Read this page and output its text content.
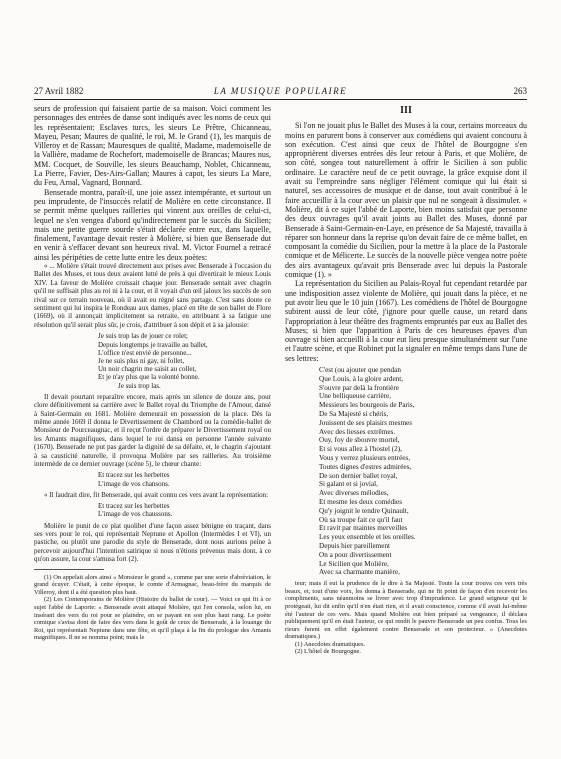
27 Avril 1882	LA MUSIQUE POPULAIRE	263

seurs de profession qui faisaient partie de sa maison. Voici comment les personnages des entrées de danse sont indiqués avec les noms de ceux qui les représentaient: Esclaves turcs, les sieurs Le Prêtre, Chicanneau, Mayeu, Pesan; Maures de qualité, le roi, M. le Grand (1), les marquis de Villeroy et de Rassan; Mauresques de qualité, Madame, mademoiselle de la Vallière, madame de Rochefort, mademoiselle de Brancas; Maures nus, MM. Cocquet, de Souville, les sieurs Beauchamp, Noblet, Chicanneau, La Pierre, Favier, Des-Airs-Gallan; Maures à capot, les sieurs La Mare, du Feu, Arnal, Vagnard, Bonnard.

Benserade montra, paraît-il, une joie assez intempérante, et surtout un peu imprudente, de l'insuccès relatif de Molière en cette circonstance. Il se permit même quelques railleries qui vinrent aux oreilles de celui-ci, lequel ne s'en vengea d'abord qu'indirectement par le succès du Sicilien; mais une petite guerre sourde s'était déclarée entre eux, dans laquelle, finalement, l'avantage devait rester à Molière, si bien que Benserade dut en venir à s'effacer devant son heureux rival. M. Victor Fournel a retracé ainsi les péripéties de cette lutte entre les deux poètes:

« ... Molière s'était trouvé directement aux prises avec Benserade à l'occasion du Ballet des Muses, et tous deux avaient lutté de près à qui divertirait le mieux Louis XIV. La faveur de Molière croissait chaque jour. Benserade sentait avec chagrin qu'il ne suffisait plus au roi ni à la cour, et il voyait d'un œil jaloux les succès de son rival sur ce terrain nouveau, où il avait eu régné sans partage. C'est sans doute ce sentiment qui lui inspira le Rondeau aux dames, placé en tête de son ballet de Flore (1669), où il annonçait implicitement sa retraite, en attribuant à sa fatigue une résolution qu'il serait plus sûr, je crois, d'attribuer à son dépit et à sa jalousie:

Je suis trop las de jouer ce rolet;
Depuis longtemps je travaille au ballet,
L'office n'est envié de personne...
Je ne suis plus ni gay, ni follet,
Un noir chagrin me saisit au collet,
Et je n'ay plus que la volonté bonne.
Je suis trop las.

Il devait pourtant reparaître encore, mais après un silence de douze ans, pour clore définitivement sa carrière avec le Ballet royal du Triomphe de l'Amour, dansé à Saint-Germain en 1681. Molière demeurait en possession de la place. Dès la même année 1669 il donna le Divertissement de Chambord ou la comédie-ballet de Monsieur de Pourceaugnac, et il reçut l'ordre de préparer le Divertissement royal ou les Amants magnifiques, dans lequel le roi dansa en personne l'année suivante (1670). Benserade ne put pas garder la dignité de sa défaite, et, le chagrin s'ajoutant à sa causticité naturelle, il provoqua Molière par ses railleries. Au troisième intermède de ce dernier ouvrage (scène 5), le chœur chante:

Et tracez sur les herbettes
L'image de vos chansons.

« Il faudrait dire, fit Benserade, qui avait connu ces vers avant la représentation:

Et tracez sur les herbettes
L'image de vos chaussons.

Molière le punit de ce plat quolibet d'une façon assez bénigne en traçant, dans ses vers pour le roi, qui représentait Neptune et Apollon (Intermèdes I et VI), un pastiche, ou plutôt une parodie du style de Benserade, dont nous aurions peine à percevoir aujourd'hui l'intention satirique si nous n'étions prévenus mais dont, à ce qu'on assure, la cour s'amusa fort (2).

(1) On appelait alors ainsi « Monsieur le grand », comme par une sorte d'abréviation, le grand écuyer. C'était, à cette époque, le comte d'Armagnac, beau-frère du marquis de Villeroy, dont il a été question plus haut.

(2) Les Contemporains de Molière (Histoire du ballet de cour). — Voici ce qui fit à ce sujet l'abbé de Laporte: « Benserade avait attaqué Molière, qui l'en consola, selon lui, en insérant des vers du roi pour se plaindre, en se payant en son plus haut rang. Le poète comique s'avisa dont de faire des vers dans le goût de ceux de Benserade, à la louange du Roi, qui représentait Neptune dans une fête, et qu'il plaça à la fin du prologue des Amants magnifiques. Il ne se nomma point; mais le

III

Si l'on ne jouait plus le Ballet des Muses à la cour, certains morceaux du moins en parurent bons à conserver aux comédiens qui avaient concouru à son exécution. C'est ainsi que ceux de l'hôtel de Bourgogne s'en approprièrent diverses entrées dès leur retour à Paris, et que Molière, de son côté, songea tout naturellement à offrir le Sicilien à son public ordinaire. Le caractère neuf de ce petit ouvrage, la grâce exquise dont il avait su l'empreindre sans négliger l'élément comique qui lui était si naturel, ses accessoires de musique et de danse, tout avait contribué à le faire accueillir à la cour avec un plaisir que nul ne songeait à dissimuler. « Molière, dit à ce sujet l'abbé de Laporte, bien moins satisfait que personne des deux ouvrages qu'il avait joints au Ballet des Muses, donné par Benserade à Saint-Germain-en-Laye, en présence de Sa Majesté, travailla à réparer son honneur dans la reprise qu'on devait faire de ce même ballet, en composant la comédie du Sicilien, pour la mettre à la place de la Pastorale comique et de Mélicerte. Le succès de la nouvelle pièce vengea notre poète des airs avantageux qu'avait pris Benserade avec lui depuis la Pastorale comique (1). »

La représentation du Sicilien au Palais-Royal fut cependant retardée par une indisposition assez violente de Molière, qui jouait dans la pièce, et ne put avoir lieu que le 10 juin (1667). Les comédiens de l'hôtel de Bourgogne subirent aussi de leur côté, j'ignore pour quelle cause, un retard dans l'appropriation à leur théâtre des fragments empruntés par eux au Ballet des Muses; si bien que l'apparition à Paris de ces heureuses épaves d'un ouvrage si bien accueilli à la cour eut lieu presque simultanément sur l'une et l'autre scène, et que Robinet put la signaler en même temps dans l'une de ses lettres:

C'est (ou ajouter que pendan
Que Louis, à la gloire ardent,
S'ouvre par delà la frontière
Une belliqueuse carrière,
Messieurs les bourgeois de Paris,
De Sa Majesté si chéris,
Jouissent de ses plaisirs mesmes
Avec des liesses extrêmes.
Ouy, foy de sbouvre mortel,
Et si vous allez à l'hostel (2),
Vous y verrez plusieurs entrées,
Toutes dignes d'estres admirées,
De son dernier ballet royal,
Si galant et si jovial,
Avec diverses mélodies,
Et mesme les deux comédies
Qu'y joignit le tendre Quinault,
Où sa troupe fait ce qu'il faut
Et ravit par maintes merveilles
Les yeux ensemble et les oreilles.
Depuis hier pareillement
On a pour divertissement
Le Sicilien que Molière,
Avec sa charmante manière,

teur; mais il eut la prudence de le dire à Sa Majesté. Toute la cour trouva ces vers très beaux, et, tout d'une voix, les donna à Benserade, qui ne fit point de façon d'en recevoir les compliments, sans néanmoins se livrer avec trop d'imprudence. Le grand seigneur qui le protégeait, lui dit enfin qu'il n'en était rien, et il avait conscience, comme s'il avait lui-même été l'auteur de ces vers. Mais quand Molière eut bien préparé sa vengeance, il déclara publiquement qu'il en était l'auteur, ce qui rendit le pauvre Benserade un peu confus. Tous les rieurs furent en effet également contre Benserade et son protecteur. » (Anecdotes dramatiques.)

(1) Anecdotes dramatiques.

(2) L'hôtel de Bourgogne.
